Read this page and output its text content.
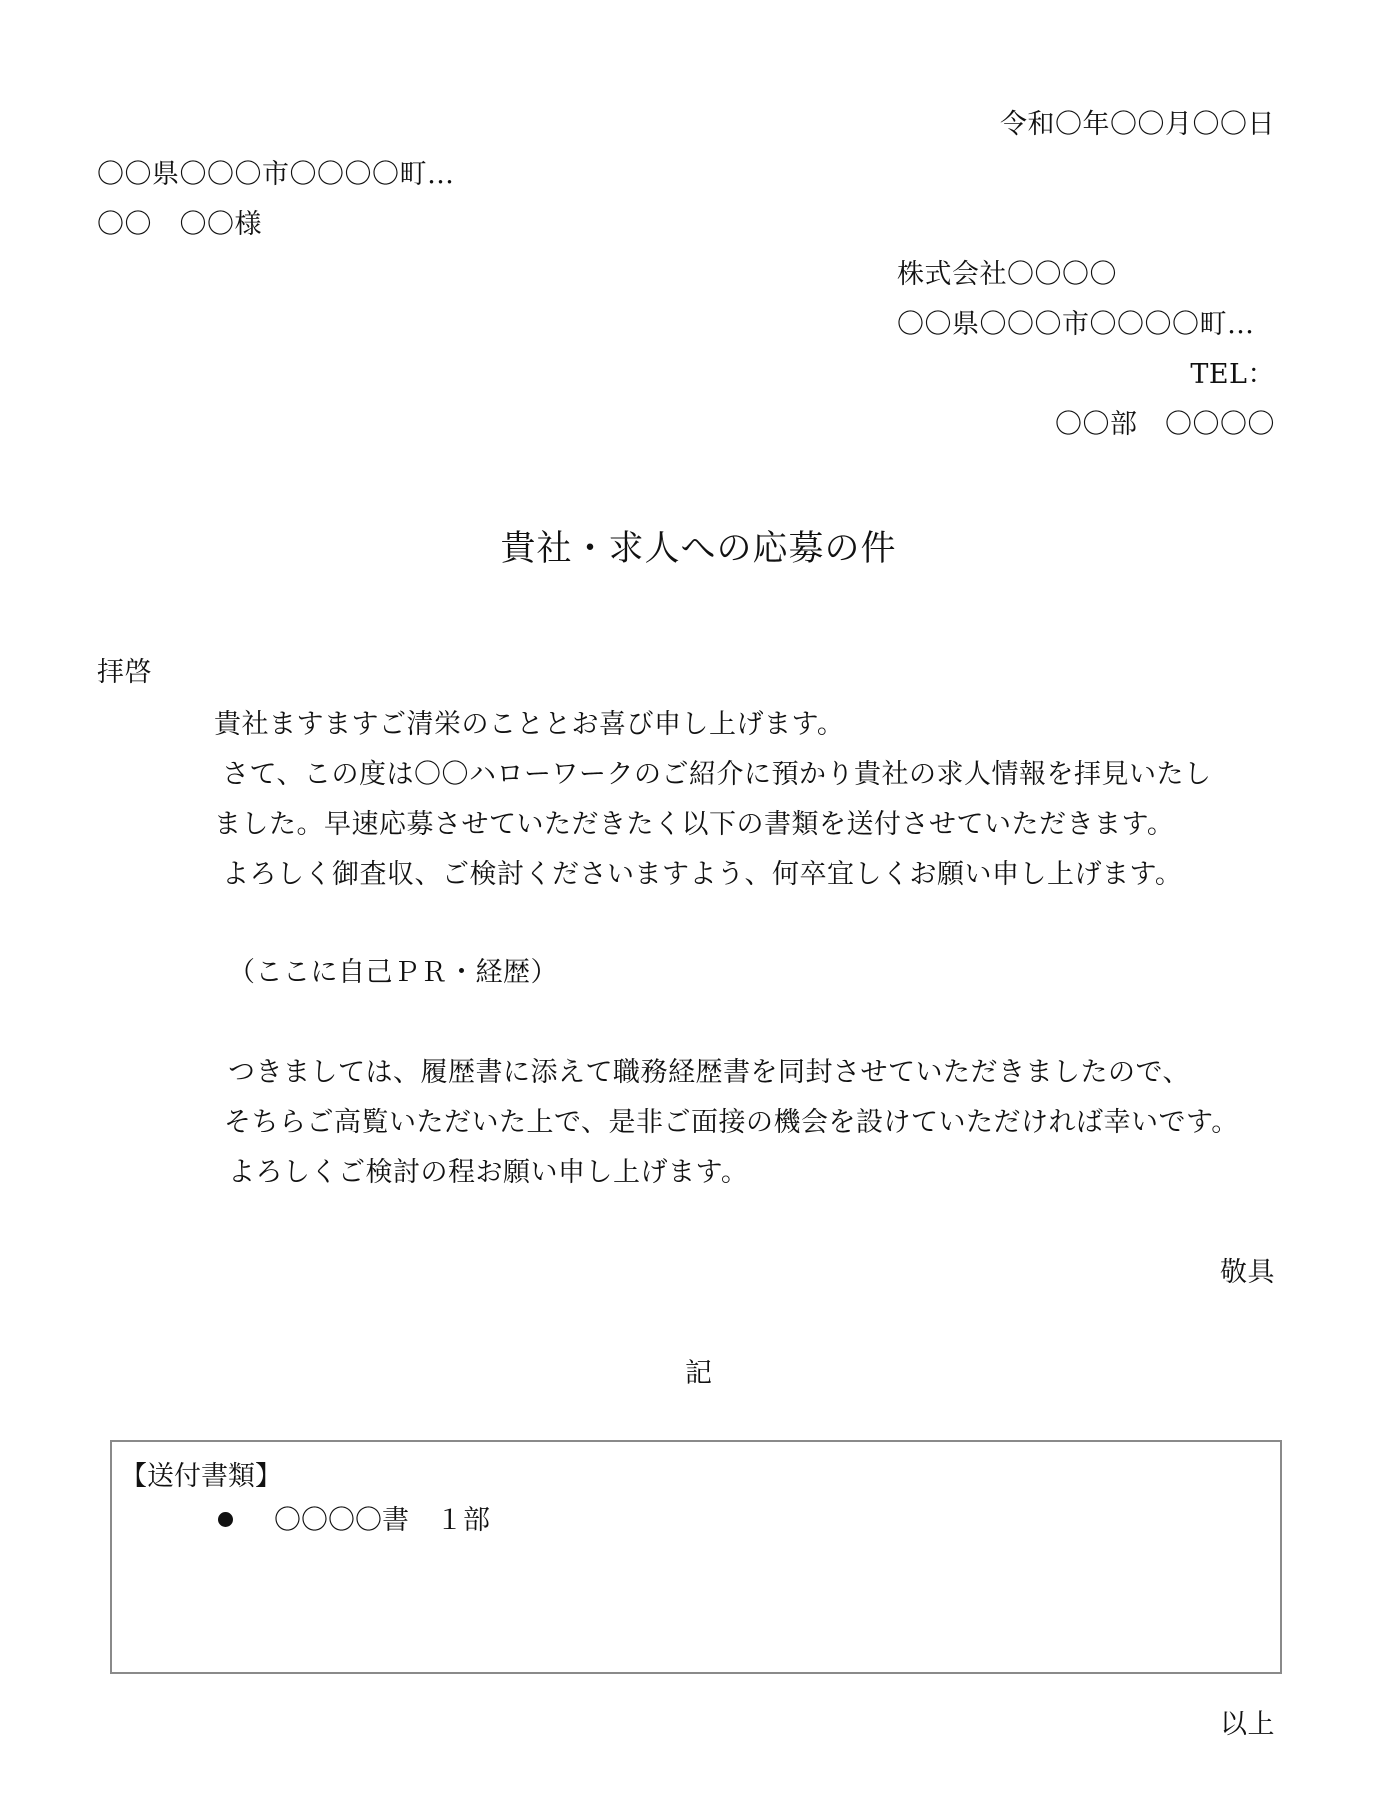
令和〇年〇〇月〇〇日
〇〇県〇〇〇市〇〇〇〇町…
〇〇　〇〇様
株式会社〇〇〇〇
〇〇県〇〇〇市〇〇〇〇町…
TEL：
〇〇部　〇〇〇〇
貴社・求人への応募の件
拝啓
貴社ますますご清栄のこととお喜び申し上げます。
さて、この度は〇〇ハローワークのご紹介に預かり貴社の求人情報を拝見いたし
ました。早速応募させていただきたく以下の書類を送付させていただきます。
よろしく御査収、ご検討くださいますよう、何卒宜しくお願い申し上げます。
（ここに自己ＰＲ・経歴）
つきましては、履歴書に添えて職務経歴書を同封させていただきましたので、
そちらご高覧いただいた上で、是非ご面接の機会を設けていただければ幸いです。
よろしくご検討の程お願い申し上げます。
敬具
記
【送付書類】
〇〇〇〇書　１部
以上
